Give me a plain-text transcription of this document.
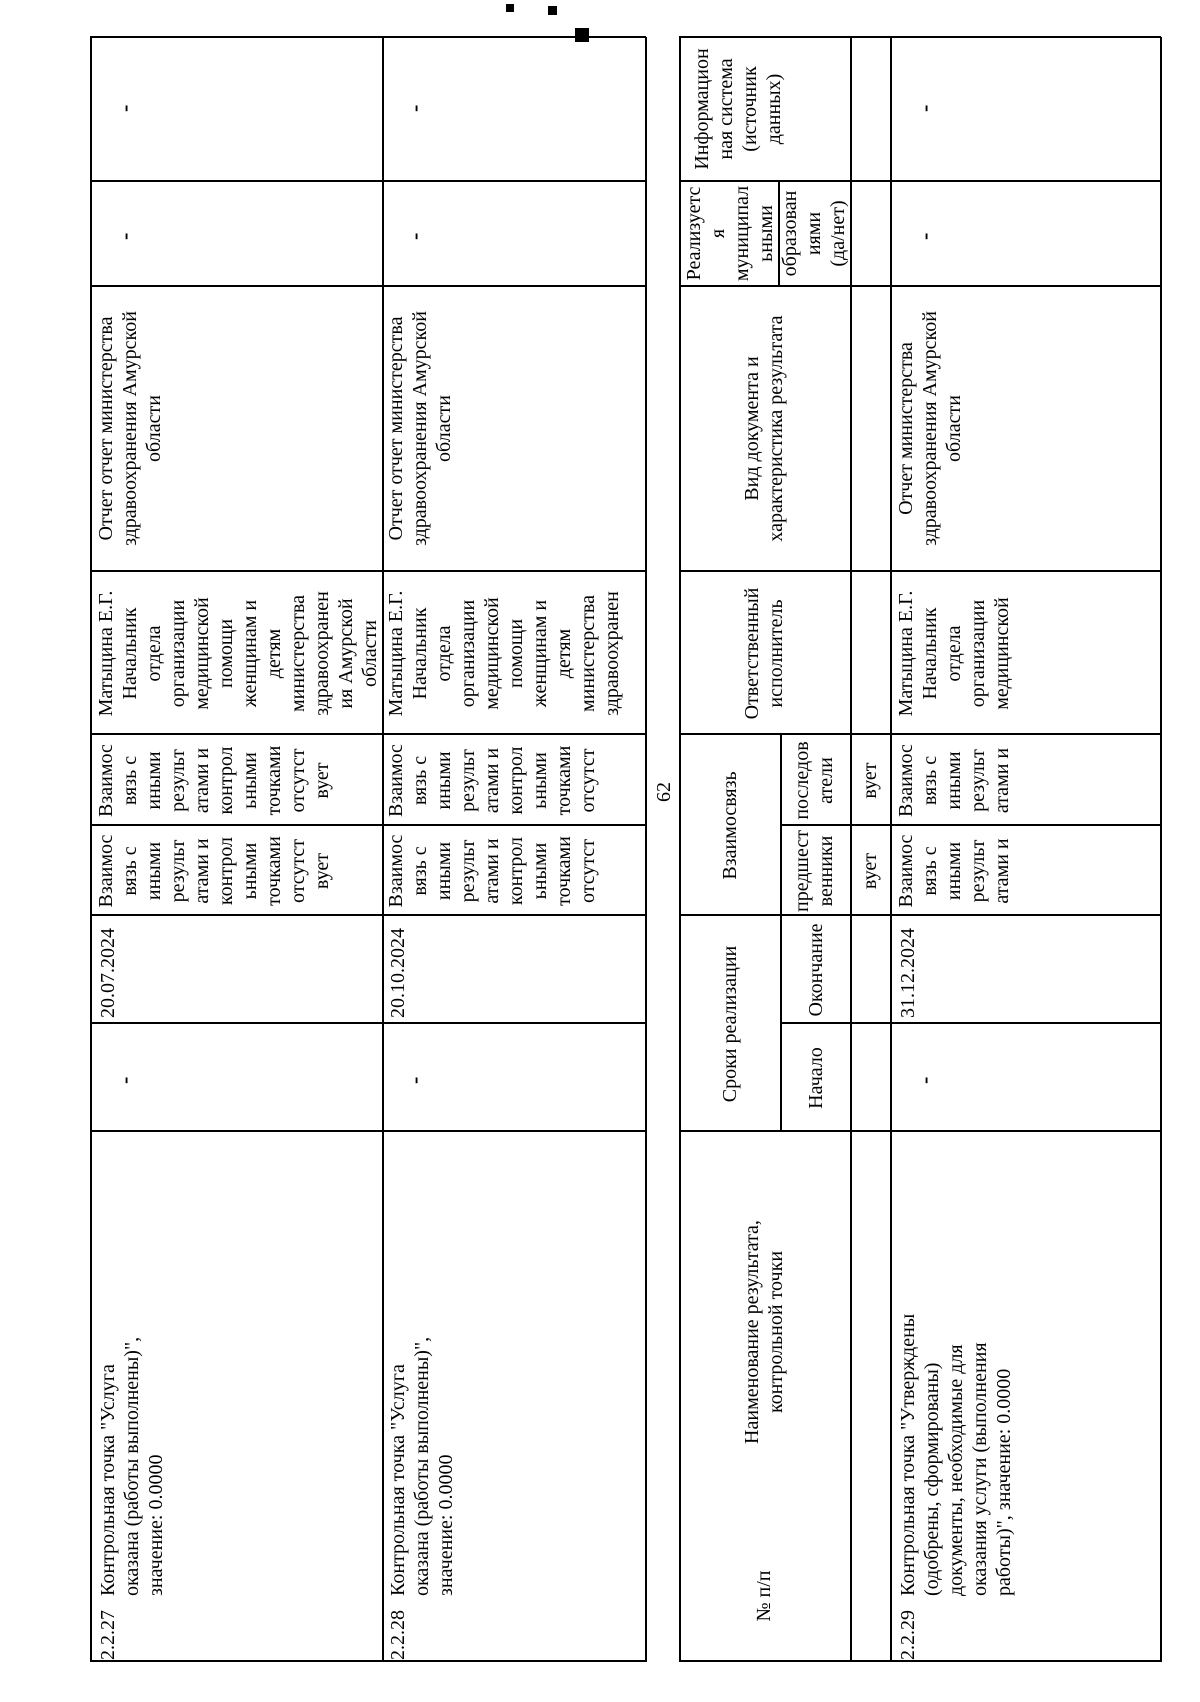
2.2.27
Контрольная точка "Услуга оказана (работы выполнены)", значение: 0.0000
-
20.07.2024
Взаимос вязь с иными результ атами и контрол ьными точками отсутст вует
Взаимос вязь с иными результ атами и контрол ьными точками отсутст вует
Матыцина Е.Г. Начальник отдела организации медицинской помощи женщинам и детям министерства здравоохранен ия Амурской области
Отчет отчет министерства здравоохранения Амурской области
-
-
2.2.28
Контрольная точка "Услуга оказана (работы выполнены)", значение: 0.0000
-
20.10.2024
Взаимос вязь с иными результ атами и контрол ьными точками отсутст
Взаимос вязь с иными результ атами и контрол ьными точками отсутст
Матыцина Е.Г. Начальник отдела организации медицинской помощи женщинам и детям министерства здравоохранен
Отчет отчет министерства здравоохранения Амурской области
-
-
62
№ п/п
Наименование результата, контрольной точки
Сроки реализации	Начало
Окончание
Взаимосвязь	предшест венники
последов атели
Ответственный исполнитель
Вид документа и характеристика результата
Реализуетс я муниципал ьными образован иями (да/нет)
Информацион ная система (источник данных)
вует
вует
2.2.29
Контрольная точка "Утверждены (одобрены, сформированы) документы, необходимые для оказания услуги (выполнения работы)", значение: 0.0000
-
31.12.2024
Взаимос вязь с иными результ атами и
Взаимос вязь с иными результ атами и
Матыцина Е.Г. Начальник отдела организации медицинской
Отчет министерства здравоохранения Амурской области
-
-
